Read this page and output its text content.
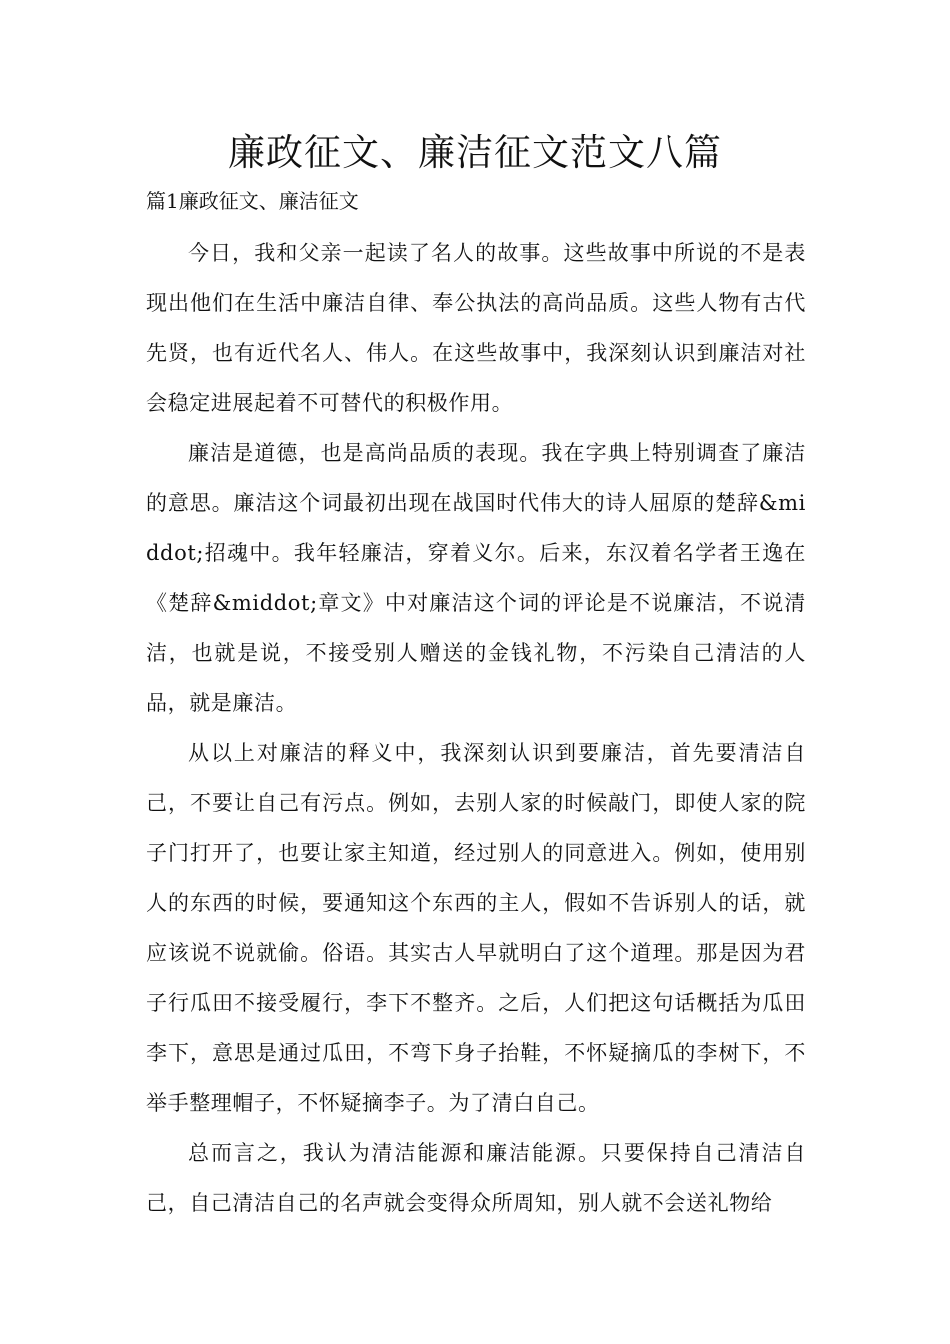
廉政征文、廉洁征文范文八篇
篇1廉政征文、廉洁征文

今日，我和父亲一起读了名人的故事。这些故事中所说的不是表现出他们在生活中廉洁自律、奉公执法的高尚品质。这些人物有古代先贤，也有近代名人、伟人。在这些故事中，我深刻认识到廉洁对社会稳定进展起着不可替代的积极作用。

廉洁是道德，也是高尚品质的表现。我在字典上特别调查了廉洁的意思。廉洁这个词最初出现在战国时代伟大的诗人屈原的楚辞&middot;招魂中。我年轻廉洁，穿着义尔。后来，东汉着名学者王逸在《楚辞&middot;章文》中对廉洁这个词的评论是不说廉洁，不说清洁，也就是说，不接受别人赠送的金钱礼物，不污染自己清洁的人品，就是廉洁。

从以上对廉洁的释义中，我深刻认识到要廉洁，首先要清洁自己，不要让自己有污点。例如，去别人家的时候敲门，即使人家的院子门打开了，也要让家主知道，经过别人的同意进入。例如，使用别人的东西的时候，要通知这个东西的主人，假如不告诉别人的话，就应该说不说就偷。俗语。其实古人早就明白了这个道理。那是因为君子行瓜田不接受履行，李下不整齐。之后，人们把这句话概括为瓜田李下，意思是通过瓜田，不弯下身子抬鞋，不怀疑摘瓜的李树下，不举手整理帽子，不怀疑摘李子。为了清白自己。

总而言之，我认为清洁能源和廉洁能源。只要保持自己清洁自己，自己清洁自己的名声就会变得众所周知，别人就不会送礼物给
